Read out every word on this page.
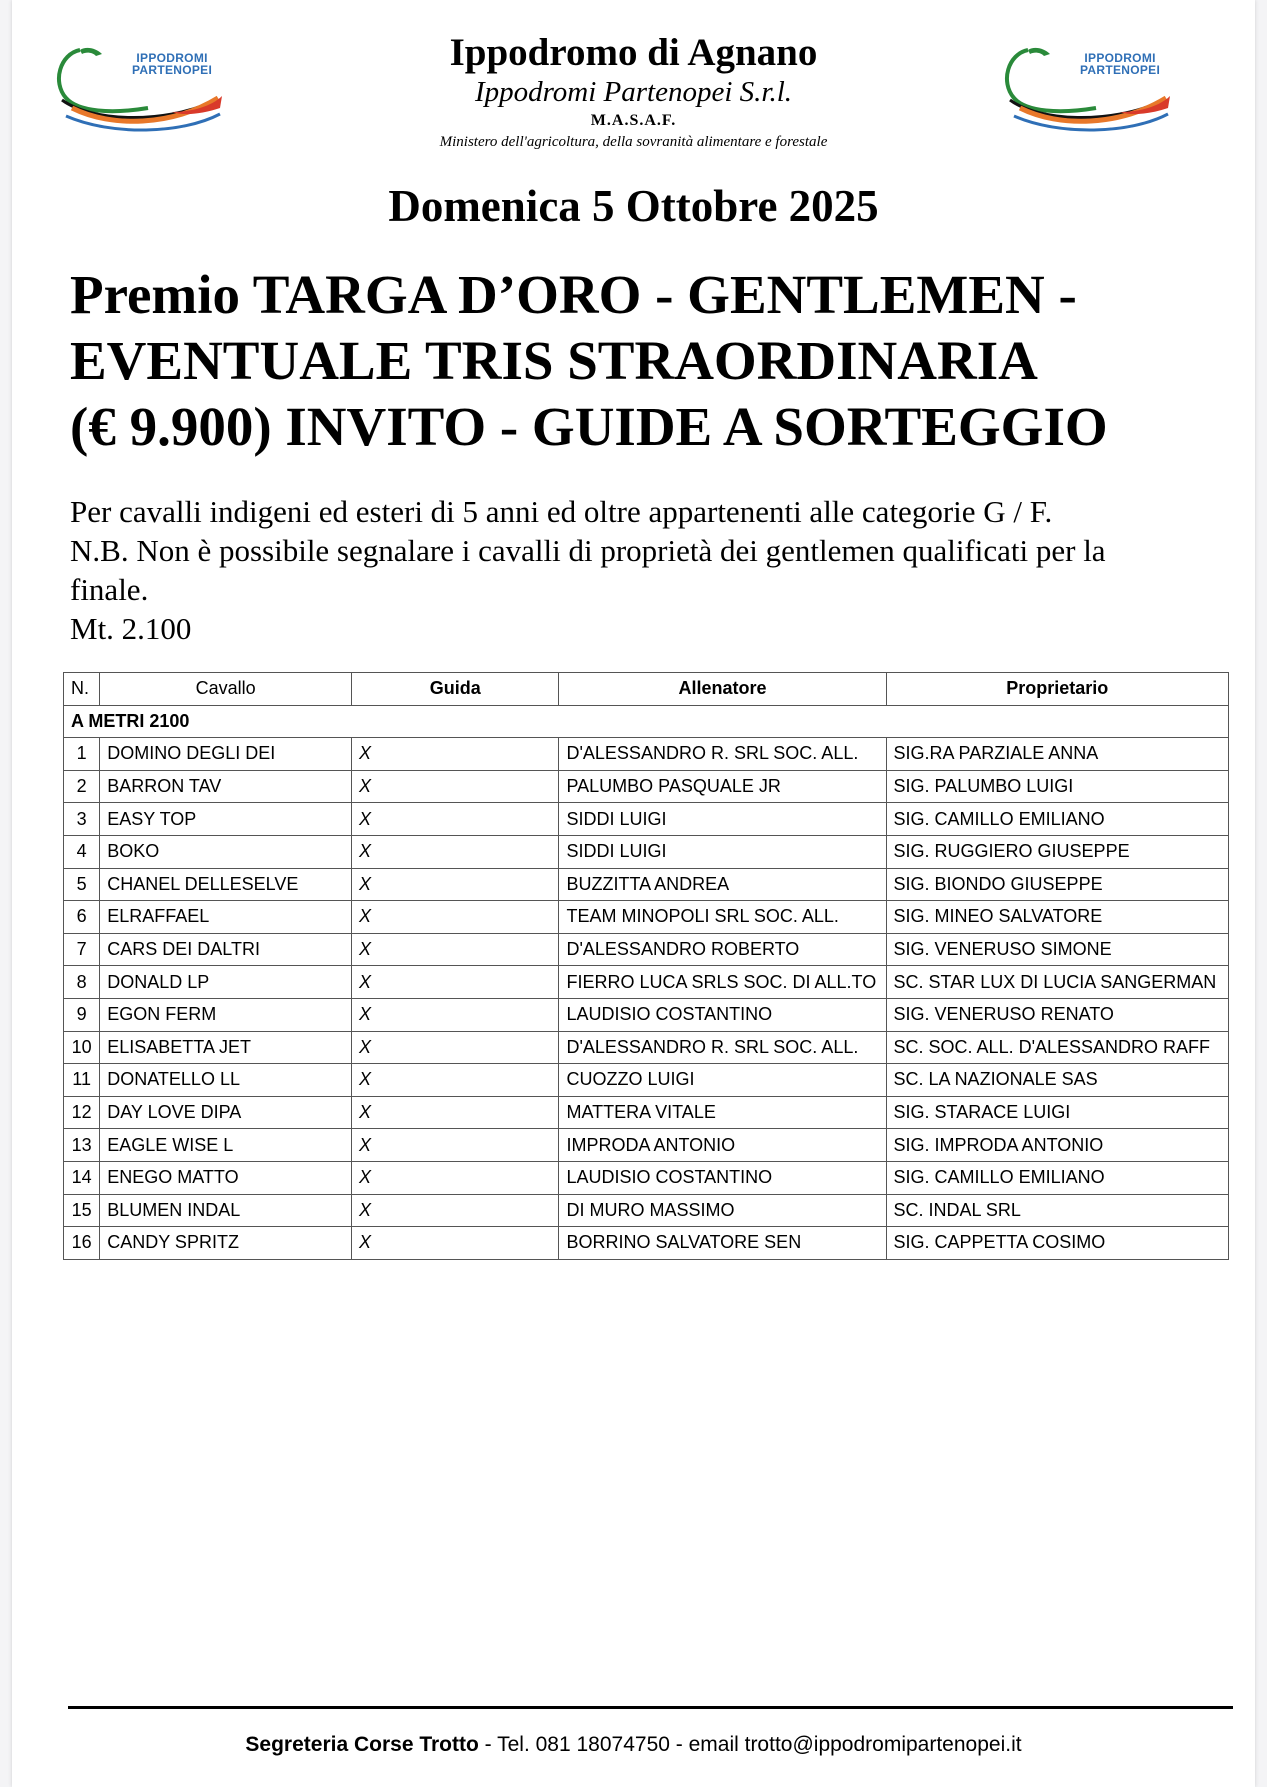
IPPODROMI
PARTENOPEI
IPPODROMI
PARTENOPEI
Ippodromo di Agnano
Ippodromi Partenopei S.r.l.
M.A.S.A.F.
Ministero dell'agricoltura, della sovranità alimentare e forestale
Domenica 5 Ottobre 2025
Premio TARGA D’ORO - GENTLEMEN -
EVENTUALE TRIS STRAORDINARIA
(€ 9.900) INVITO - GUIDE A SORTEGGIO
Per cavalli indigeni ed esteri di 5 anni ed oltre appartenenti alle categorie G / F.
N.B. Non è possibile segnalare i cavalli di proprietà dei gentlemen qualificati per la
finale.
Mt. 2.100
N.	Cavallo	Guida	Allenatore	Proprietario
A METRI 2100				
1	DOMINO DEGLI DEI	X	D'ALESSANDRO R. SRL SOC. ALL.	SIG.RA PARZIALE ANNA
2	BARRON TAV	X	PALUMBO PASQUALE JR	SIG. PALUMBO LUIGI
3	EASY TOP	X	SIDDI LUIGI	SIG. CAMILLO EMILIANO
4	BOKO	X	SIDDI LUIGI	SIG. RUGGIERO GIUSEPPE
5	CHANEL DELLESELVE	X	BUZZITTA ANDREA	SIG. BIONDO GIUSEPPE
6	ELRAFFAEL	X	TEAM MINOPOLI SRL SOC. ALL.	SIG. MINEO SALVATORE
7	CARS DEI DALTRI	X	D'ALESSANDRO ROBERTO	SIG. VENERUSO SIMONE
8	DONALD LP	X	FIERRO LUCA SRLS SOC. DI ALL.TO	SC. STAR LUX DI LUCIA SANGERMAN
9	EGON FERM	X	LAUDISIO COSTANTINO	SIG. VENERUSO RENATO
10	ELISABETTA JET	X	D'ALESSANDRO R. SRL SOC. ALL.	SC. SOC. ALL. D'ALESSANDRO RAFF
11	DONATELLO LL	X	CUOZZO LUIGI	SC. LA NAZIONALE SAS
12	DAY LOVE DIPA	X	MATTERA VITALE	SIG. STARACE LUIGI
13	EAGLE WISE L	X	IMPRODA ANTONIO	SIG. IMPRODA ANTONIO
14	ENEGO MATTO	X	LAUDISIO COSTANTINO	SIG. CAMILLO EMILIANO
15	BLUMEN INDAL	X	DI MURO MASSIMO	SC. INDAL SRL
16	CANDY SPRITZ	X	BORRINO SALVATORE SEN	SIG. CAPPETTA COSIMO
Segreteria Corse Trotto - Tel. 081 18074750 - email trotto@ippodromipartenopei.it
